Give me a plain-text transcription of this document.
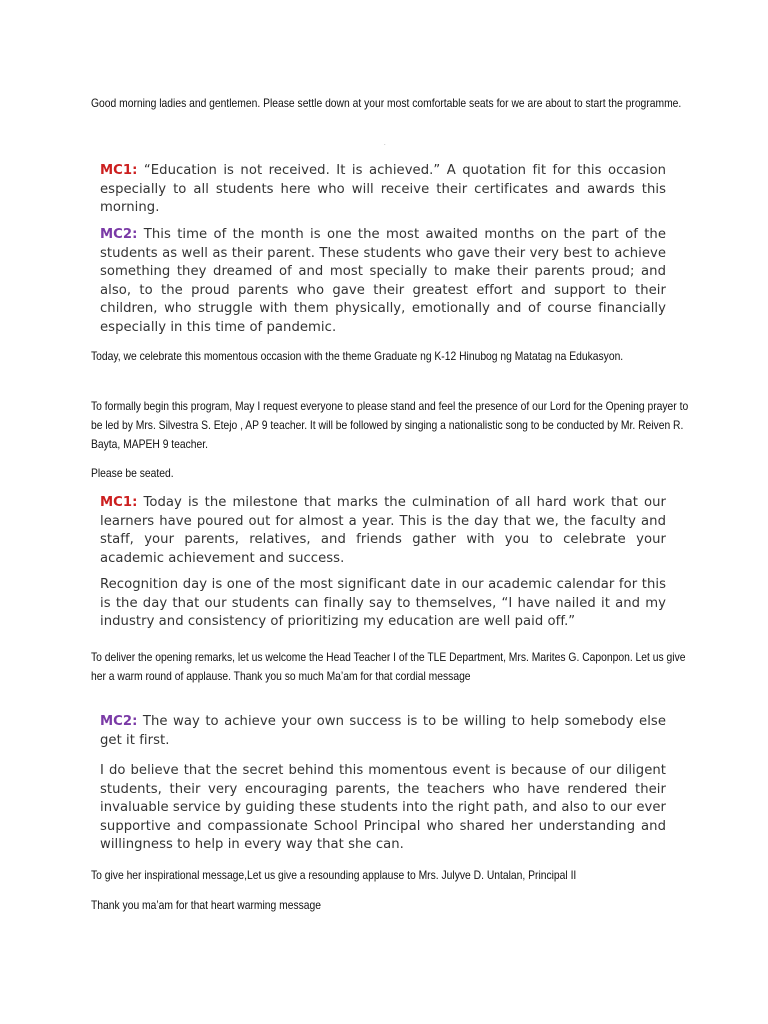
Good morning ladies and gentlemen. Please settle down at your most comfortable seats for we are about to start the programme.
.
MC1: “Education is not received. It is achieved.” A quotation fit for this occasion especially to all students here who will receive their certificates and awards this morning.
MC2: This time of the month is one the most awaited months on the part of the students as well as their parent. These students who gave their very best to achieve something they dreamed of and most specially to make their parents proud; and also, to the proud parents who gave their greatest effort and support to their children, who struggle with them physically, emotionally and of course financially especially in this time of pandemic.
Today, we celebrate this momentous occasion with the theme Graduate ng K-12 Hinubog ng Matatag na Edukasyon.
To formally begin this program, May I request everyone to please stand and feel the presence of our Lord for the Opening prayer to be led by Mrs. Silvestra S. Etejo , AP 9 teacher. It will be followed by singing a nationalistic song to be conducted by Mr. Reiven R. Bayta, MAPEH 9 teacher.
Please be seated.
MC1: Today is the milestone that marks the culmination of all hard work that our learners have poured out for almost a year. This is the day that we, the faculty and staff, your parents, relatives, and friends gather with you to celebrate your academic achievement and success.
Recognition day is one of the most significant date in our academic calendar for this is the day that our students can finally say to themselves, “I have nailed it and my industry and consistency of prioritizing my education are well paid off.”
To deliver the opening remarks, let us welcome the Head Teacher I of the TLE Department, Mrs. Marites G. Caponpon. Let us give her a warm round of applause. Thank you so much Ma’am for that cordial message
MC2: The way to achieve your own success is to be willing to help somebody else get it first.
I do believe that the secret behind this momentous event is because of our diligent students, their very encouraging parents, the teachers who have rendered their invaluable service by guiding these students into the right path, and also to our ever supportive and compassionate School Principal who shared her understanding and willingness to help in every way that she can.
To give her inspirational message,Let us give a resounding applause to Mrs. Julyve D. Untalan, Principal II
Thank you ma’am for that heart warming message
